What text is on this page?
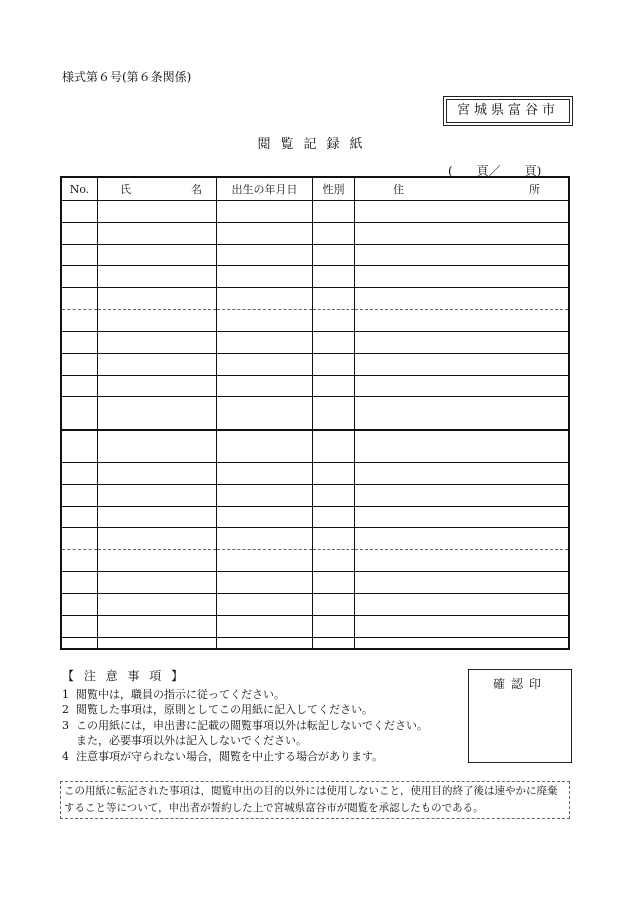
様式第６号(第６条関係)
宮城県富谷市
閲覧記録紙
(　　頁／　　頁)
No.	氏 名	出生の年月日	性別	住 所

【 注 意 事 項 】
1 閲覧中は，職員の指示に従ってください。
2 閲覧した事項は，原則としてこの用紙に記入してください。
3 この用紙には，申出書に記載の閲覧事項以外は転記しないでください。
また，必要事項以外は記入しないでください。
4 注意事項が守られない場合，閲覧を中止する場合があります。
確認印
この用紙に転記された事項は，閲覧申出の目的以外には使用しないこと，使用目的終了後は速やかに廃棄すること等について，申出者が誓約した上で宮城県富谷市が閲覧を承認したものである。
